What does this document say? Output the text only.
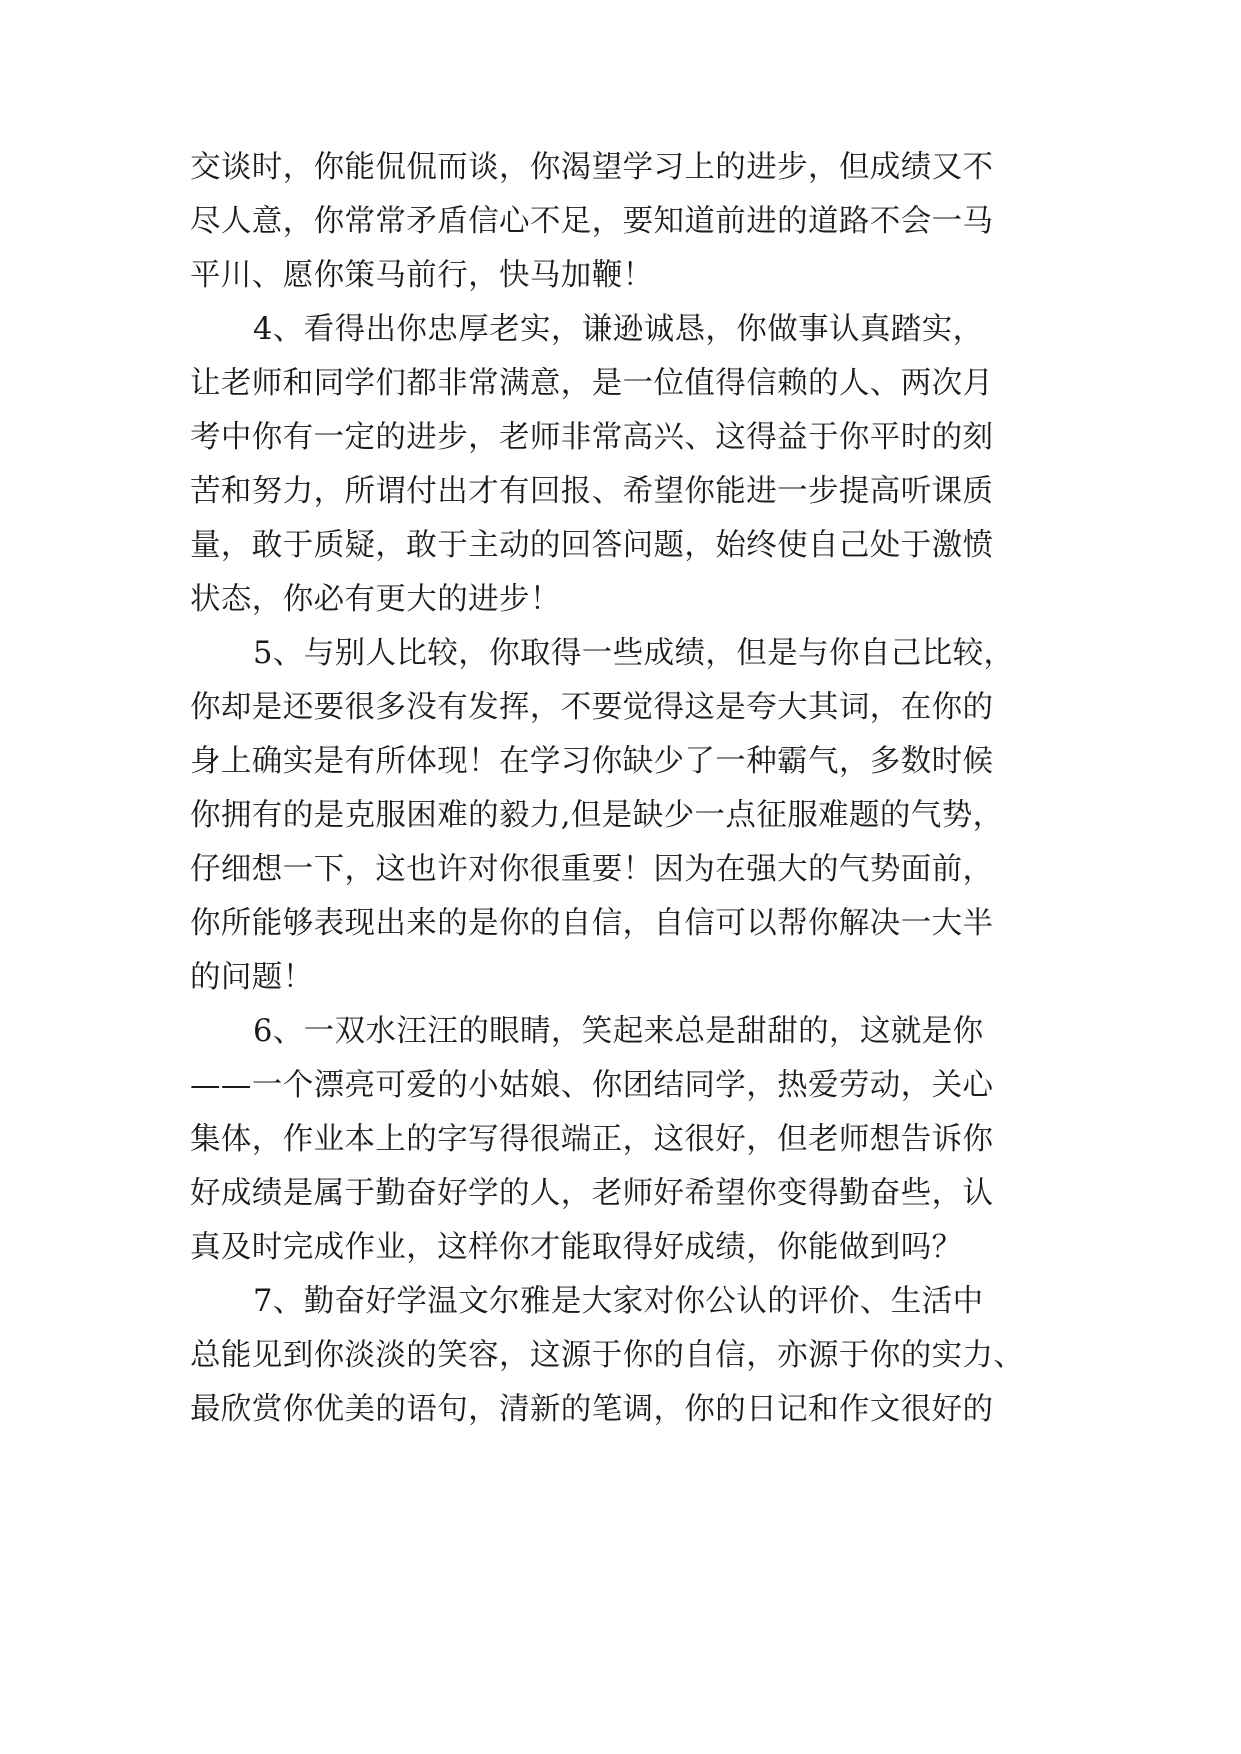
交谈时，你能侃侃而谈，你渴望学习上的进步，但成绩又不

尽人意，你常常矛盾信心不足，要知道前进的道路不会一马

平川、愿你策马前行，快马加鞭！

4、看得出你忠厚老实，谦逊诚恳，你做事认真踏实，

让老师和同学们都非常满意，是一位值得信赖的人、两次月

考中你有一定的进步，老师非常高兴、这得益于你平时的刻

苦和努力，所谓付出才有回报、希望你能进一步提高听课质

量，敢于质疑，敢于主动的回答问题，始终使自己处于激愤

状态，你必有更大的进步！

5、与别人比较，你取得一些成绩，但是与你自己比较，

你却是还要很多没有发挥，不要觉得这是夸大其词，在你的

身上确实是有所体现！在学习你缺少了一种霸气，多数时候

你拥有的是克服困难的毅力,但是缺少一点征服难题的气势，

仔细想一下，这也许对你很重要！因为在强大的气势面前，

你所能够表现出来的是你的自信，自信可以帮你解决一大半

的问题！

6、一双水汪汪的眼睛，笑起来总是甜甜的，这就是你

——一个漂亮可爱的小姑娘、你团结同学，热爱劳动，关心

集体，作业本上的字写得很端正，这很好，但老师想告诉你

好成绩是属于勤奋好学的人，老师好希望你变得勤奋些，认

真及时完成作业，这样你才能取得好成绩，你能做到吗？

7、勤奋好学温文尔雅是大家对你公认的评价、生活中

总能见到你淡淡的笑容，这源于你的自信，亦源于你的实力、

最欣赏你优美的语句，清新的笔调，你的日记和作文很好的
